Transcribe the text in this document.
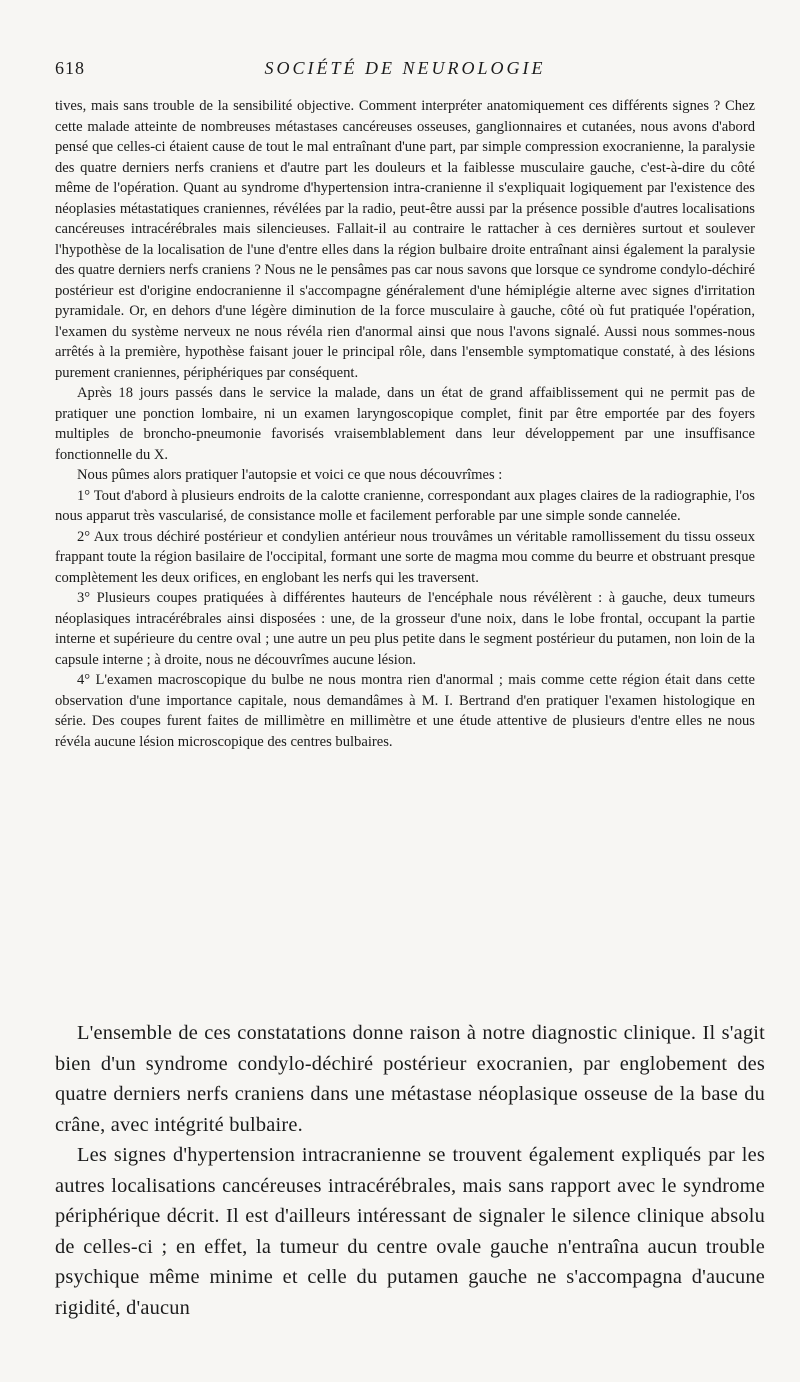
618	SOCIÉTÉ DE NEUROLOGIE

tives, mais sans trouble de la sensibilité objective. Comment interpréter anatomiquement ces différents signes ? Chez cette malade atteinte de nombreuses métastases cancéreuses osseuses, ganglionnaires et cutanées, nous avons d'abord pensé que celles-ci étaient cause de tout le mal entraînant d'une part, par simple compression exocranienne, la paralysie des quatre derniers nerfs craniens et d'autre part les douleurs et la faiblesse musculaire gauche, c'est-à-dire du côté même de l'opération. Quant au syndrome d'hypertension intra-cranienne il s'expliquait logiquement par l'existence des néoplasies métastatiques craniennes, révélées par la radio, peut-être aussi par la présence possible d'autres localisations cancéreuses intracérébrales mais silencieuses. Fallait-il au contraire le rattacher à ces dernières surtout et soulever l'hypothèse de la localisation de l'une d'entre elles dans la région bulbaire droite entraînant ainsi également la paralysie des quatre derniers nerfs craniens ? Nous ne le pensâmes pas car nous savons que lorsque ce syndrome condylo-déchiré postérieur est d'origine endocranienne il s'accompagne généralement d'une hémiplégie alterne avec signes d'irritation pyramidale. Or, en dehors d'une légère diminution de la force musculaire à gauche, côté où fut pratiquée l'opération, l'examen du système nerveux ne nous révéla rien d'anormal ainsi que nous l'avons signalé. Aussi nous sommes-nous arrêtés à la première, hypothèse faisant jouer le principal rôle, dans l'ensemble symptomatique constaté, à des lésions purement craniennes, périphériques par conséquent.

Après 18 jours passés dans le service la malade, dans un état de grand affaiblissement qui ne permit pas de pratiquer une ponction lombaire, ni un examen laryngoscopique complet, finit par être emportée par des foyers multiples de broncho-pneumonie favorisés vraisemblablement dans leur développement par une insuffisance fonctionnelle du X.

Nous pûmes alors pratiquer l'autopsie et voici ce que nous découvrîmes :

1° Tout d'abord à plusieurs endroits de la calotte cranienne, correspondant aux plages claires de la radiographie, l'os nous apparut très vascularisé, de consistance molle et facilement perforable par une simple sonde cannelée.

2° Aux trous déchiré postérieur et condylien antérieur nous trouvâmes un véritable ramollissement du tissu osseux frappant toute la région basilaire de l'occipital, formant une sorte de magma mou comme du beurre et obstruant presque complètement les deux orifices, en englobant les nerfs qui les traversent.

3° Plusieurs coupes pratiquées à différentes hauteurs de l'encéphale nous révélèrent : à gauche, deux tumeurs néoplasiques intracérébrales ainsi disposées : une, de la grosseur d'une noix, dans le lobe frontal, occupant la partie interne et supérieure du centre oval ; une autre un peu plus petite dans le segment postérieur du putamen, non loin de la capsule interne ; à droite, nous ne découvrîmes aucune lésion.

4° L'examen macroscopique du bulbe ne nous montra rien d'anormal ; mais comme cette région était dans cette observation d'une importance capitale, nous demandâmes à M. I. Bertrand d'en pratiquer l'examen histologique en série. Des coupes furent faites de millimètre en millimètre et une étude attentive de plusieurs d'entre elles ne nous révéla aucune lésion microscopique des centres bulbaires.

L'ensemble de ces constatations donne raison à notre diagnostic clinique. Il s'agit bien d'un syndrome condylo-déchiré postérieur exocranien, par englobement des quatre derniers nerfs craniens dans une métastase néoplasique osseuse de la base du crâne, avec intégrité bulbaire.

Les signes d'hypertension intracranienne se trouvent également expliqués par les autres localisations cancéreuses intracérébrales, mais sans rapport avec le syndrome périphérique décrit. Il est d'ailleurs intéressant de signaler le silence clinique absolu de celles-ci ; en effet, la tumeur du centre ovale gauche n'entraîna aucun trouble psychique même minime et celle du putamen gauche ne s'accompagna d'aucune rigidité, d'aucun
